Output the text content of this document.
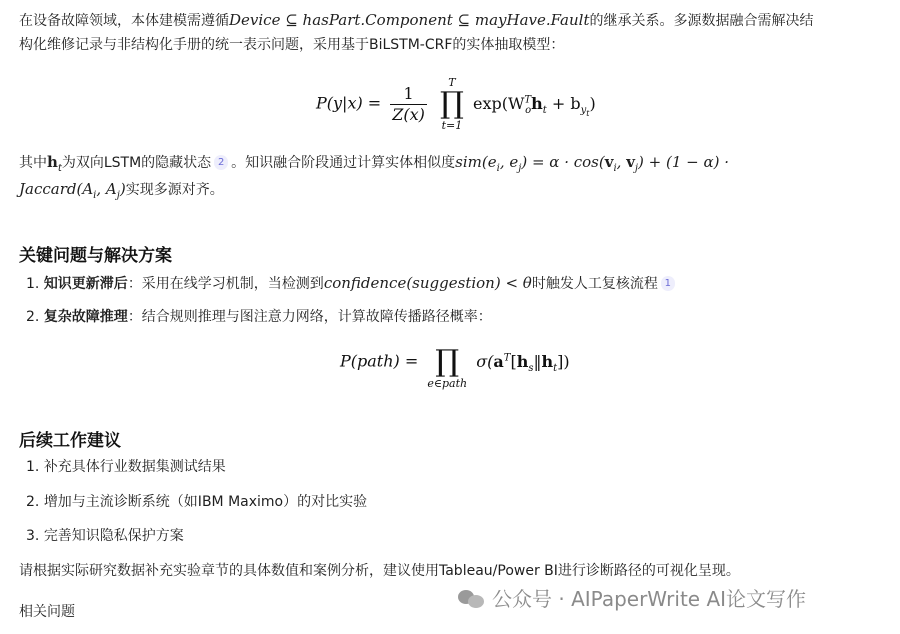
在设备故障领域，本体建模需遵循Device ⊆ hasPart.Component ⊆ mayHave.Fault的继承关系。多源数据融合需解决结
构化维修记录与非结构化手册的统一表示问题，采用基于BiLSTM-CRF的实体抽取模型：
$P(y|x) = \frac{1}{Z(x)}$

T
∏
t=1
$\exp(W^T_oh_t + b_{y_t})$
其中$h_t$为双向LSTM的隐藏状态 2 。知识融合阶段通过计算实体相似度$sim(e_i$, $e_j) = \alpha \cdot \cos(v_i$, $v_j) + (1 - \alpha)$ ·
$Jaccard(A_i$, $A_j$)实现多源对齐。
关键问题与解决方案
1. 知识更新滞后：采用在线学习机制，当检测到confidence(suggestion) < θ时触发人工复核流程 1
2. 复杂故障推理：结合规则推理与图注意力网络，计算故障传播路径概率：
P(path) =
∏
e∈path
$\sigma(a^T[h_s‖h_t])$
后续工作建议
1. 补充具体行业数据集测试结果
2. 增加与主流诊断系统（如IBM Maximo）的对比实验
3. 完善知识隐私保护方案
请根据实际研究数据补充实验章节的具体数值和案例分析，建议使用Tableau/Power BI进行诊断路径的可视化呈现。
相关问题
公众号 · AIPaperWrite AI论文写作
